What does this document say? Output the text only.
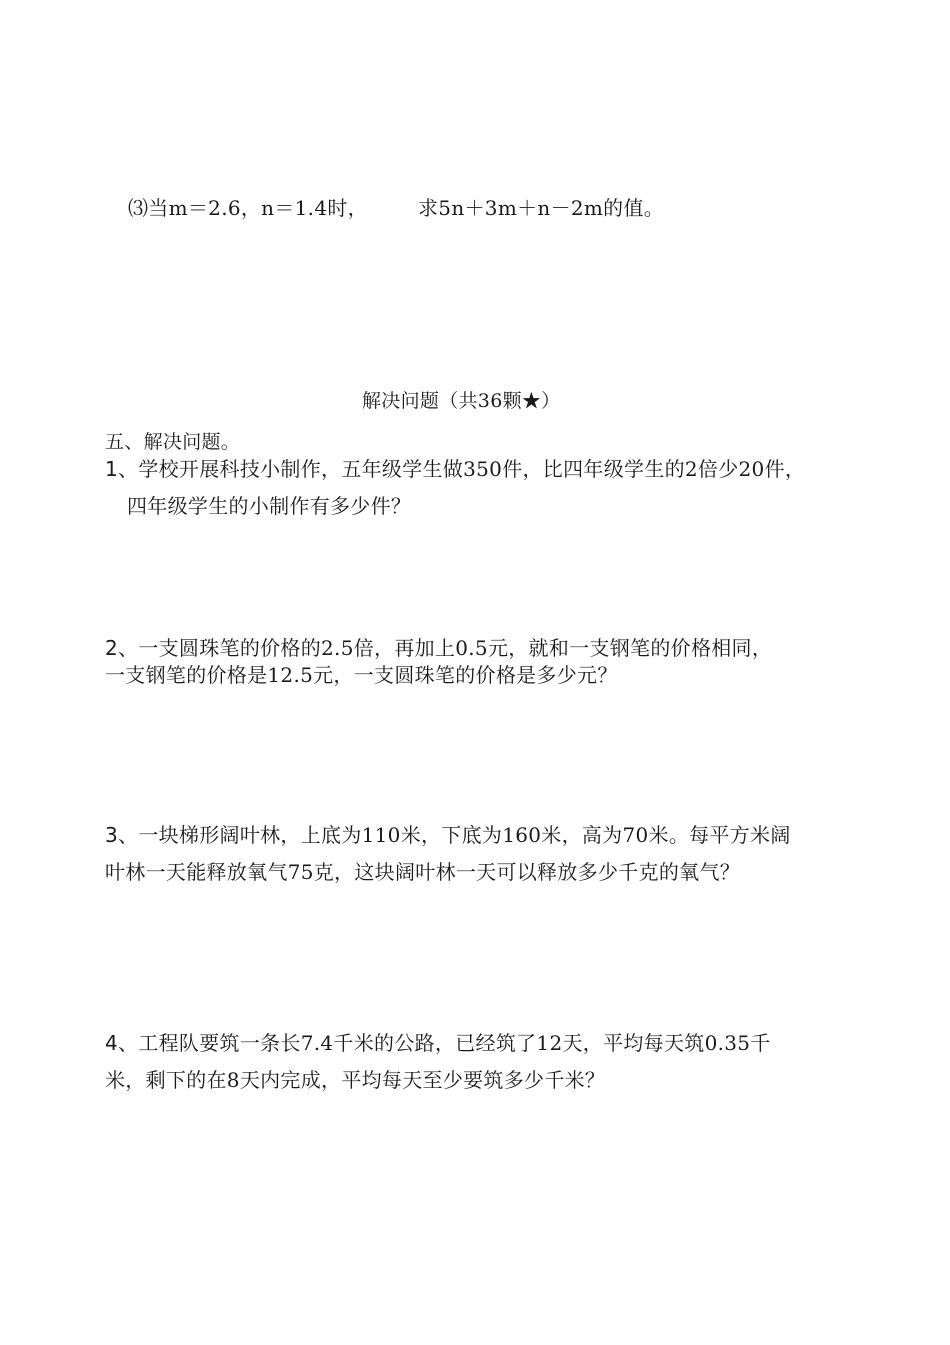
⑶当m＝2.6，n＝1.4时，	求5n＋3m＋n－2m的值。
解决问题（共36颗★）
五、解决问题。
1、学校开展科技小制作，五年级学生做350件，比四年级学生的2倍少20件，
四年级学生的小制作有多少件？
2、一支圆珠笔的价格的2.5倍，再加上0.5元，就和一支钢笔的价格相同，
一支钢笔的价格是12.5元，一支圆珠笔的价格是多少元？
3、一块梯形阔叶林，上底为110米，下底为160米，高为70米。每平方米阔
叶林一天能释放氧气75克，这块阔叶林一天可以释放多少千克的氧气？
4、工程队要筑一条长7.4千米的公路，已经筑了12天，平均每天筑0.35千
米，剩下的在8天内完成，平均每天至少要筑多少千米？
